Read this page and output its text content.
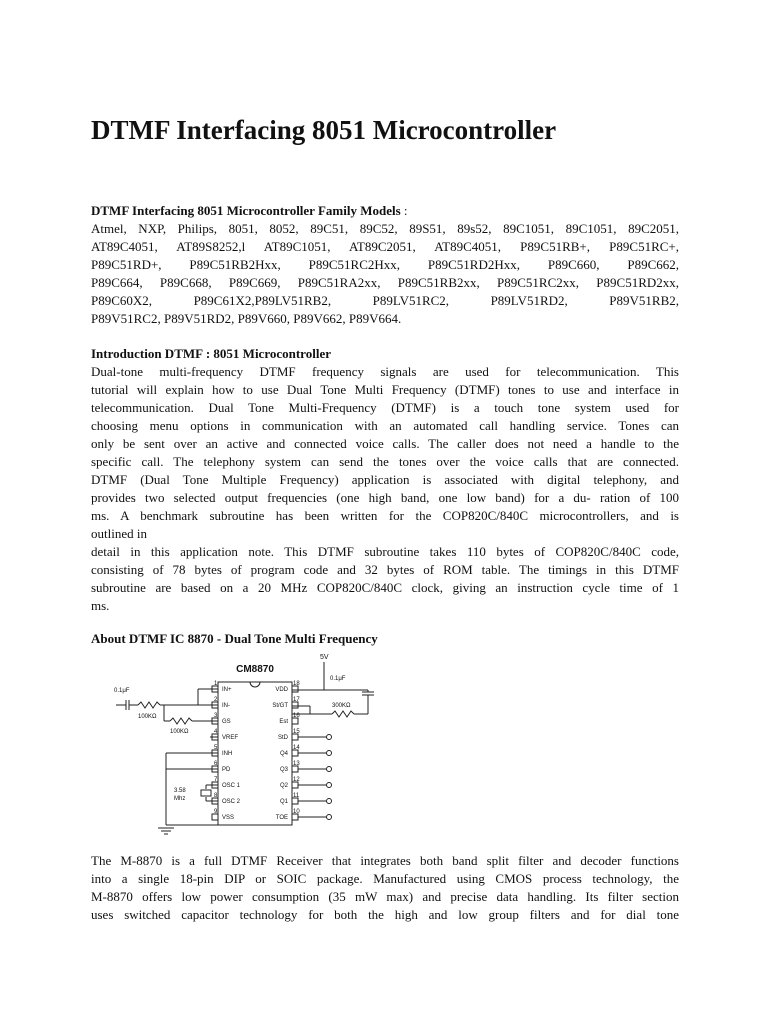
DTMF Interfacing 8051 Microcontroller
DTMF Interfacing 8051 Microcontroller Family Models :
Atmel, NXP, Philips, 8051, 8052, 89C51, 89C52, 89S51, 89s52, 89C1051, 89C1051, 89C2051,
AT89C4051, AT89S8252,l AT89C1051, AT89C2051, AT89C4051, P89C51RB+, P89C51RC+,
P89C51RD+, P89C51RB2Hxx, P89C51RC2Hxx, P89C51RD2Hxx, P89C660, P89C662,
P89C664, P89C668, P89C669, P89C51RA2xx, P89C51RB2xx, P89C51RC2xx, P89C51RD2xx,
P89C60X2, P89C61X2,P89LV51RB2, P89LV51RC2, P89LV51RD2, P89V51RB2,
P89V51RC2, P89V51RD2, P89V660, P89V662, P89V664.
Introduction DTMF : 8051 Microcontroller
Dual-tone multi-frequency DTMF frequency signals are used for telecommunication. This
tutorial will explain how to use Dual Tone Multi Frequency (DTMF) tones to use and interface in
telecommunication. Dual Tone Multi-Frequency (DTMF) is a touch tone system used for
choosing menu options in communication with an automated call handling service. Tones can
only be sent over an active and connected voice calls. The caller does not need a handle to the
specific call. The telephony system can send the tones over the voice calls that are connected.
DTMF (Dual Tone Multiple Frequency) application is associated with digital telephony, and
provides two selected output frequencies (one high band, one low band) for a du- ration of 100
ms. A benchmark subroutine has been written for the COP820C/840C microcontrollers, and is
outlined in
detail in this application note. This DTMF subroutine takes 110 bytes of COP820C/840C code,
consisting of 78 bytes of program code and 32 bytes of ROM table. The timings in this DTMF
subroutine are based on a 20 MHz COP820C/840C clock, giving an instruction cycle time of 1
ms.
About DTMF IC 8870 - Dual Tone Multi Frequency
CM8870
1
IN+
2
IN-
3
GS
4
VREF
5
INH
6
PD
7
OSC 1
8
OSC 2
9
VSS
18
VDD
17
St/GT
16
Est
15
StD
14
Q4
13
Q3
12
Q2
11
Q1
10
TOE
5V
0.1μF
300KΩ
0.1μF
100KΩ
100KΩ
3.58
Mhz
The M-8870 is a full DTMF Receiver that integrates both band split filter and decoder functions
into a single 18-pin DIP or SOIC package. Manufactured using CMOS process technology, the
M-8870 offers low power consumption (35 mW max) and precise data handling. Its filter section
uses switched capacitor technology for both the high and low group filters and for dial tone
